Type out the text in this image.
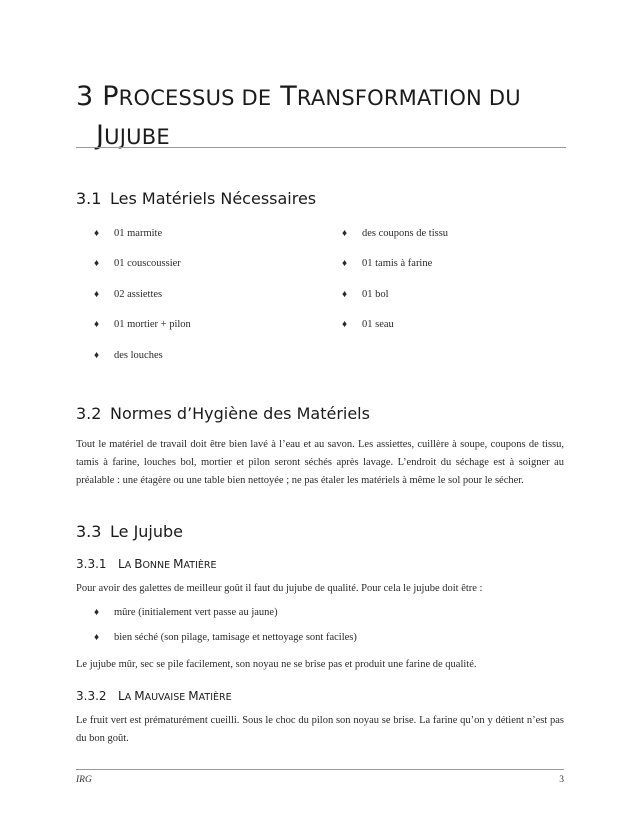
3 PROCESSUS DE TRANSFORMATION DU
JUJUBE
3.1 Les Matériels Nécessaires
♦ 01 marmite
♦ 01 couscoussier
♦ 02 assiettes
♦ 01 mortier + pilon
♦ des louches
♦ des coupons de tissu
♦ 01 tamis à farine
♦ 01 bol
♦ 01 seau
3.2 Normes d’Hygiène des Matériels
Tout le matériel de travail doit être bien lavé à l’eau et au savon. Les assiettes, cuillère à soupe, coupons de tissu, tamis à farine, louches bol, mortier et pilon seront séchés après lavage. L’endroit du séchage est à soigner au préalable : une étagère ou une table bien nettoyée ; ne pas étaler les matériels à même le sol pour le sécher.
3.3 Le Jujube
3.3.1 LA BONNE MATIÈRE
Pour avoir des galettes de meilleur goût il faut du jujube de qualité. Pour cela le jujube doit être :
♦ mûre (initialement vert passe au jaune)
♦ bien séché (son pilage, tamisage et nettoyage sont faciles)
Le jujube mûr, sec se pile facilement, son noyau ne se brise pas et produit une farine de qualité.
3.3.2 LA MAUVAISE MATIÈRE
Le fruit vert est prématurément cueilli. Sous le choc du pilon son noyau se brise. La farine qu’on y détient n’est pas du bon goût.
IRG	3
